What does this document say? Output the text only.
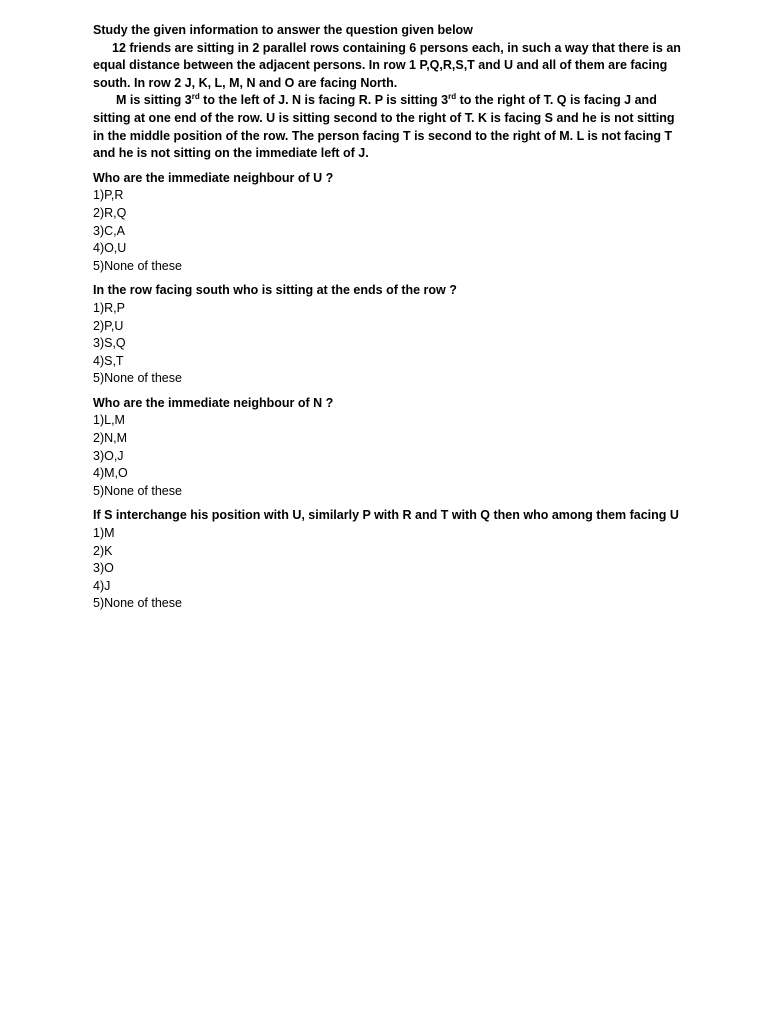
Study the given information to answer the question given below

12 friends are sitting in 2 parallel rows containing 6 persons each, in such a way that there is an equal distance between the adjacent persons. In row 1 P,Q,R,S,T and U and all of them are facing south. In row 2 J, K, L, M, N and O are facing North.

M is sitting 3rd to the left of J. N is facing R. P is sitting 3rd to the right of T. Q is facing J and sitting at one end of the row. U is sitting second to the right of T. K is facing S and he is not sitting in the middle position of the row. The person facing T is second to the right of M. L is not facing T and he is not sitting on the immediate left of J.

Who are the immediate neighbour of U ?

1)P,R

2)R,Q

3)C,A

4)O,U

5)None of these

In the row facing south who is sitting at the ends of the row ?

1)R,P

2)P,U

3)S,Q

4)S,T

5)None of these

Who are the immediate neighbour of N ?

1)L,M

2)N,M

3)O,J

4)M,O

5)None of these

If S interchange his position with U, similarly P with R and T with Q then who among them facing U

1)M

2)K

3)O

4)J

5)None of these
